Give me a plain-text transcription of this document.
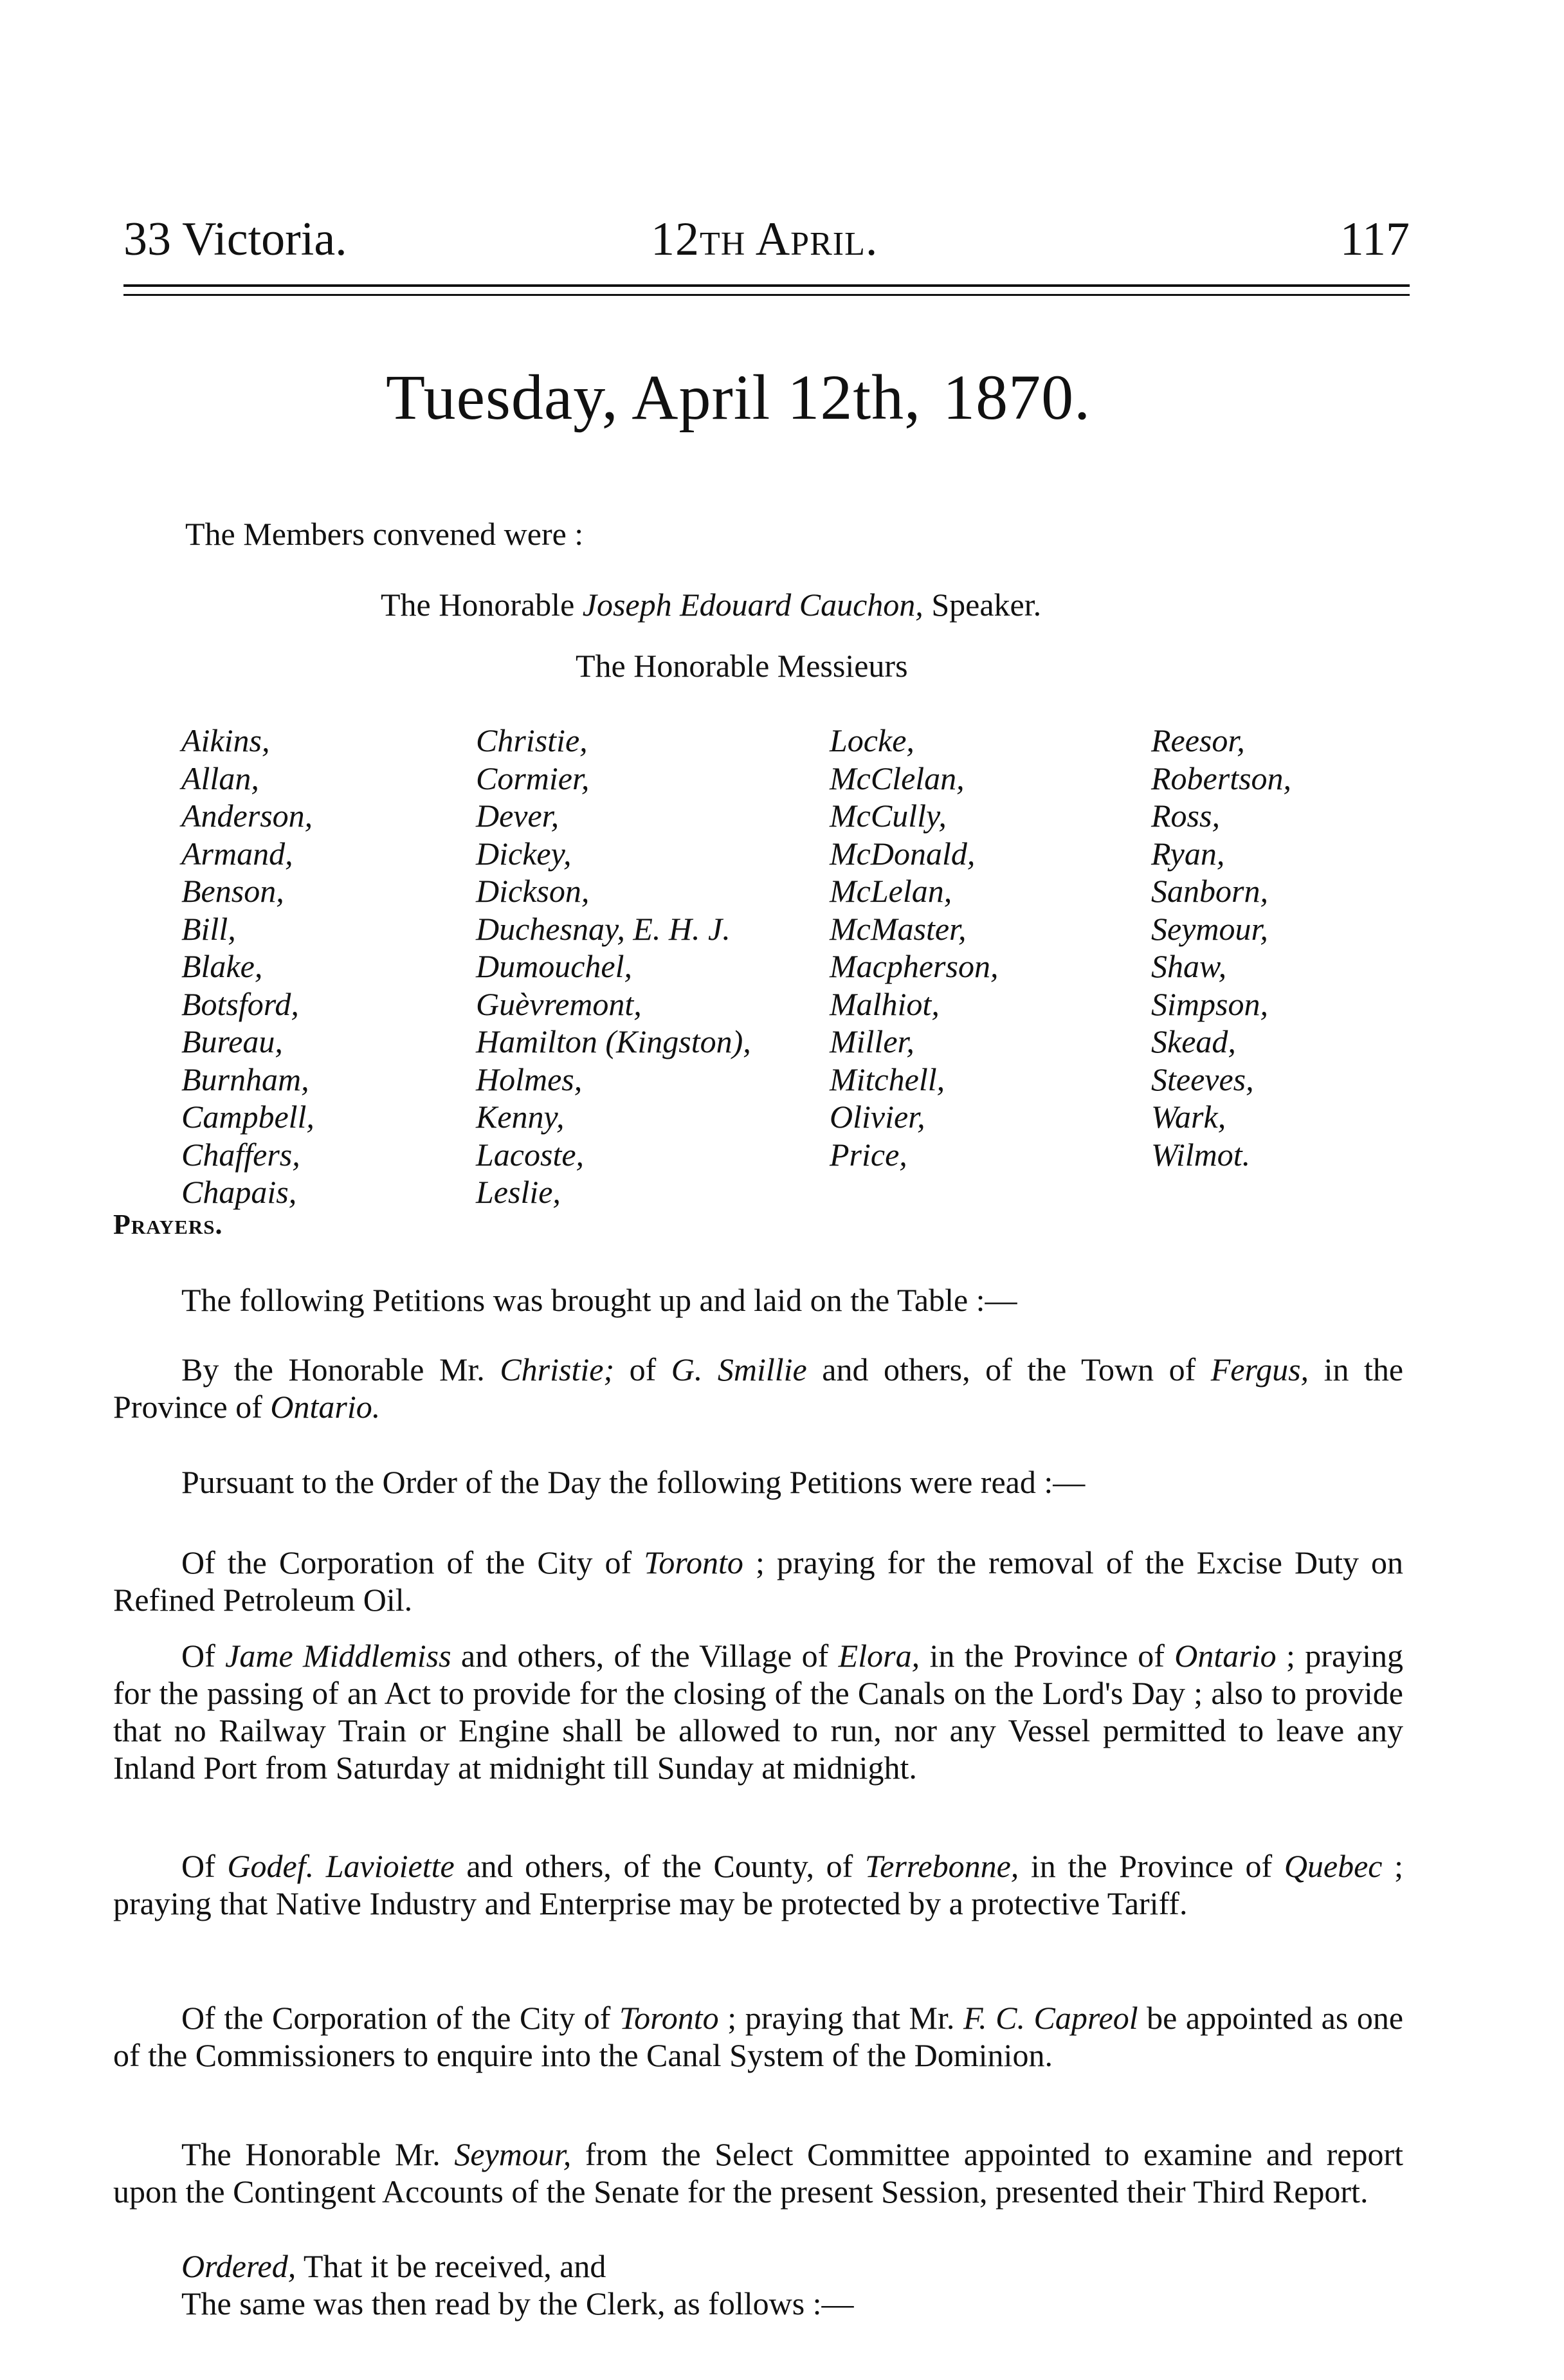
33 Victoria.	12th April.	117
Tuesday, April 12th, 1870.
The Members convened were :
The Honorable Joseph Edouard Cauchon, Speaker.
The Honorable Messieurs
Aikins,
Allan,
Anderson,
Armand,
Benson,
Bill,
Blake,
Botsford,
Bureau,
Burnham,
Campbell,
Chaffers,
Chapais,
Christie,
Cormier,
Dever,
Dickey,
Dickson,
Duchesnay, E. H. J.
Dumouchel,
Guèvremont,
Hamilton (Kingston),
Holmes,
Kenny,
Lacoste,
Leslie,
Locke,
McClelan,
McCully,
McDonald,
McLelan,
McMaster,
Macpherson,
Malhiot,
Miller,
Mitchell,
Olivier,
Price,
Reesor,
Robertson,
Ross,
Ryan,
Sanborn,
Seymour,
Shaw,
Simpson,
Skead,
Steeves,
Wark,
Wilmot.
Prayers.
The following Petitions was brought up and laid on the Table :—
By the Honorable Mr. Christie; of G. Smillie and others, of the Town of Fergus, in the Province of Ontario.
Pursuant to the Order of the Day the following Petitions were read :—
Of the Corporation of the City of Toronto ; praying for the removal of the Excise Duty on Refined Petroleum Oil.
Of Jame Middlemiss and others, of the Village of Elora, in the Province of Ontario ; praying for the passing of an Act to provide for the closing of the Canals on the Lord's Day ; also to provide that no Railway Train or Engine shall be allowed to run, nor any Vessel permitted to leave any Inland Port from Saturday at midnight till Sunday at midnight.
Of Godef. Lavioiette and others, of the County, of Terrebonne, in the Province of Quebec ; praying that Native Industry and Enterprise may be protected by a protective Tariff.
Of the Corporation of the City of Toronto ; praying that Mr. F. C. Capreol be appointed as one of the Commissioners to enquire into the Canal System of the Dominion.
The Honorable Mr. Seymour, from the Select Committee appointed to examine and report upon the Contingent Accounts of the Senate for the present Session, presented their Third Report.
Ordered, That it be received, and
The same was then read by the Clerk, as follows :—
